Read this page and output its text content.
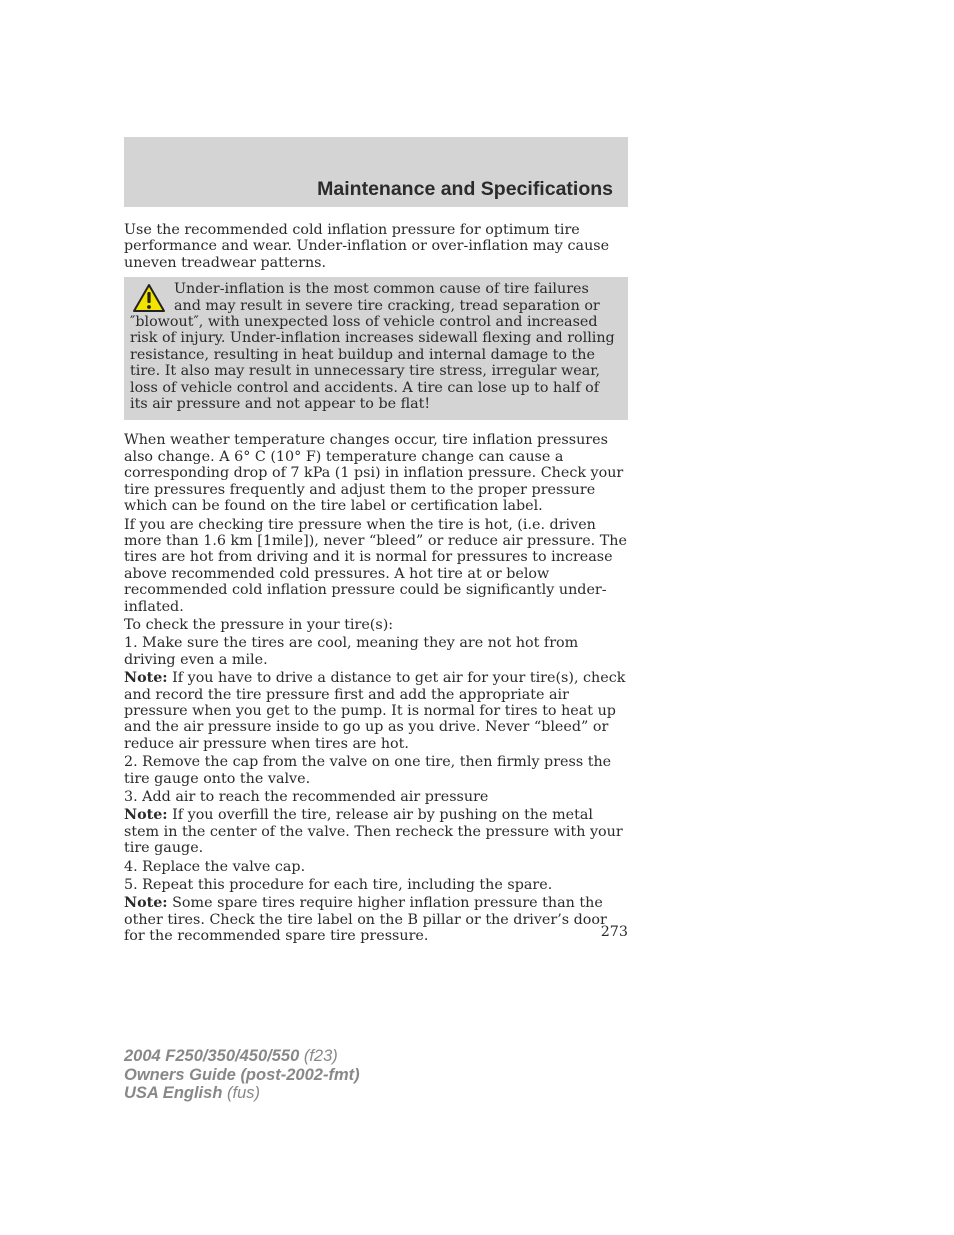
Maintenance and Specifications

Use the recommended cold inflation pressure for optimum tire performance and wear. Under-inflation or over-inflation may cause uneven treadwear patterns.

Under-inflation is the most common cause of tire failures and may result in severe tire cracking, tread separation or ″blowout″, with unexpected loss of vehicle control and increased risk of injury. Under-inflation increases sidewall flexing and rolling resistance, resulting in heat buildup and internal damage to the tire. It also may result in unnecessary tire stress, irregular wear, loss of vehicle control and accidents. A tire can lose up to half of its air pressure and not appear to be flat!

When weather temperature changes occur, tire inflation pressures also change. A 6° C (10° F) temperature change can cause a corresponding drop of 7 kPa (1 psi) in inflation pressure. Check your tire pressures frequently and adjust them to the proper pressure which can be found on the tire label or certification label.

If you are checking tire pressure when the tire is hot, (i.e. driven more than 1.6 km [1mile]), never “bleed” or reduce air pressure. The tires are hot from driving and it is normal for pressures to increase above recommended cold pressures. A hot tire at or below recommended cold inflation pressure could be significantly under-inflated.

To check the pressure in your tire(s):

1. Make sure the tires are cool, meaning they are not hot from driving even a mile.

Note: If you have to drive a distance to get air for your tire(s), check and record the tire pressure first and add the appropriate air pressure when you get to the pump. It is normal for tires to heat up and the air pressure inside to go up as you drive. Never “bleed” or reduce air pressure when tires are hot.

2. Remove the cap from the valve on one tire, then firmly press the tire gauge onto the valve.

3. Add air to reach the recommended air pressure

Note: If you overfill the tire, release air by pushing on the metal stem in the center of the valve. Then recheck the pressure with your tire gauge.

4. Replace the valve cap.

5. Repeat this procedure for each tire, including the spare.

Note: Some spare tires require higher inflation pressure than the other tires. Check the tire label on the B pillar or the driver’s door for the recommended spare tire pressure.	273
2004 F250/350/450/550 (f23)
Owners Guide (post-2002-fmt)
USA English (fus)
